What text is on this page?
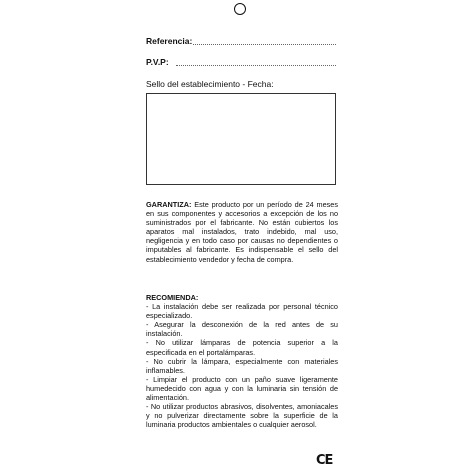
Referencia:
P.V.P:
Sello del establecimiento - Fecha:
GARANTIZA: Este producto por un período de 24 meses en sus componentes y accesorios a excepción de los no suministrados por el fabricante. No están cubiertos los aparatos mal instalados, trato indebido, mal uso, negligencia y en todo caso por causas no dependientes o imputables al fabricante. Es indispensable el sello del establecimiento vendedor y fecha de compra.
RECOMIENDA:
- La instalación debe ser realizada por personal técnico especializado.
- Asegurar la desconexión de la red antes de su instalación.
- No utilizar lámparas de potencia superior a la especificada en el portalámparas.
- No cubrir la lámpara, especialmente con materiales inflamables.
- Limpiar el producto con un paño suave ligeramente humedecido con agua y con la luminaria sin tensión de alimentación.
- No utilizar productos abrasivos, disolventes, amoniacales y no pulverizar directamente sobre la superficie de la luminaria productos ambientales o cualquier aerosol.
CE
